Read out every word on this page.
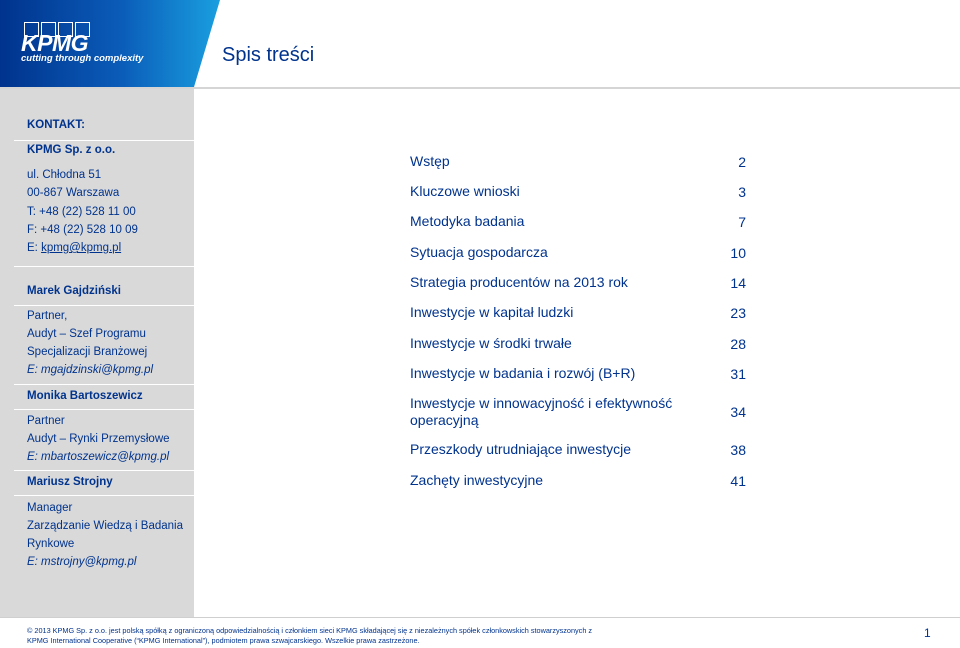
KPMG
cutting through complexity	Spis treści
KONTAKT:
KPMG Sp. z o.o.
ul. Chłodna 51
00-867 Warszawa
T: +48 (22) 528 11 00
F: +48 (22) 528 10 09
E: kpmg@kpmg.pl
Marek Gajdziński
Partner,
Audyt – Szef Programu
Specjalizacji Branżowej
E: mgajdzinski@kpmg.pl
Monika Bartoszewicz
Partner
Audyt – Rynki Przemysłowe
E: mbartoszewicz@kpmg.pl
Mariusz Strojny
Manager
Zarządzanie Wiedzą i Badania
Rynkowe
E: mstrojny@kpmg.pl
Wstęp	2
Kluczowe wnioski	3
Metodyka badania	7
Sytuacja gospodarcza	10
Strategia producentów na 2013 rok	14
Inwestycje w kapitał ludzki	23
Inwestycje w środki trwałe	28
Inwestycje w badania i rozwój (B+R)	31
Inwestycje w innowacyjność i efektywność operacyjną	34
Przeszkody utrudniające inwestycje	38
Zachęty inwestycyjne	41
© 2013 KPMG Sp. z o.o. jest polską spółką z ograniczoną odpowiedzialnością i członkiem sieci KPMG składającej się z niezależnych spółek członkowskich stowarzyszonych z
KPMG International Cooperative (“KPMG International”), podmiotem prawa szwajcarskiego. Wszelkie prawa zastrzeżone.
1
